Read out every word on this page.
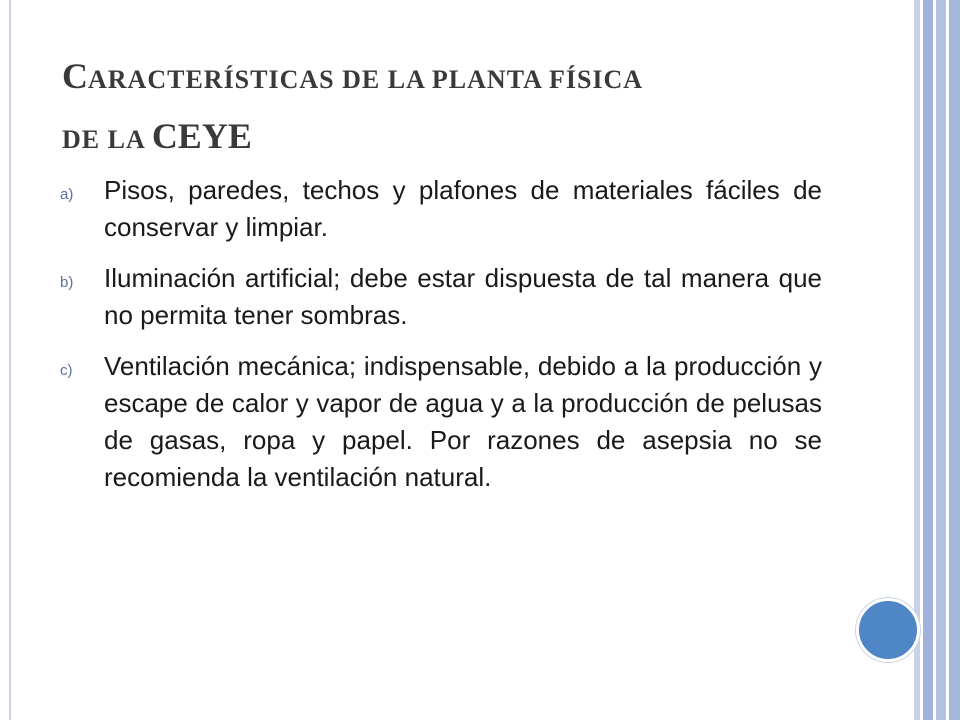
CARACTERÍSTICAS DE LA PLANTA FÍSICA
DE LA CEYE
a) Pisos, paredes, techos y plafones de materiales fáciles de conservar y limpiar.
b) Iluminación artificial; debe estar dispuesta de tal manera que no permita tener sombras.
c) Ventilación mecánica; indispensable, debido a la producción y escape de calor y vapor de agua y a la producción de pelusas de gasas, ropa y papel. Por razones de asepsia no se recomienda la ventilación natural.
